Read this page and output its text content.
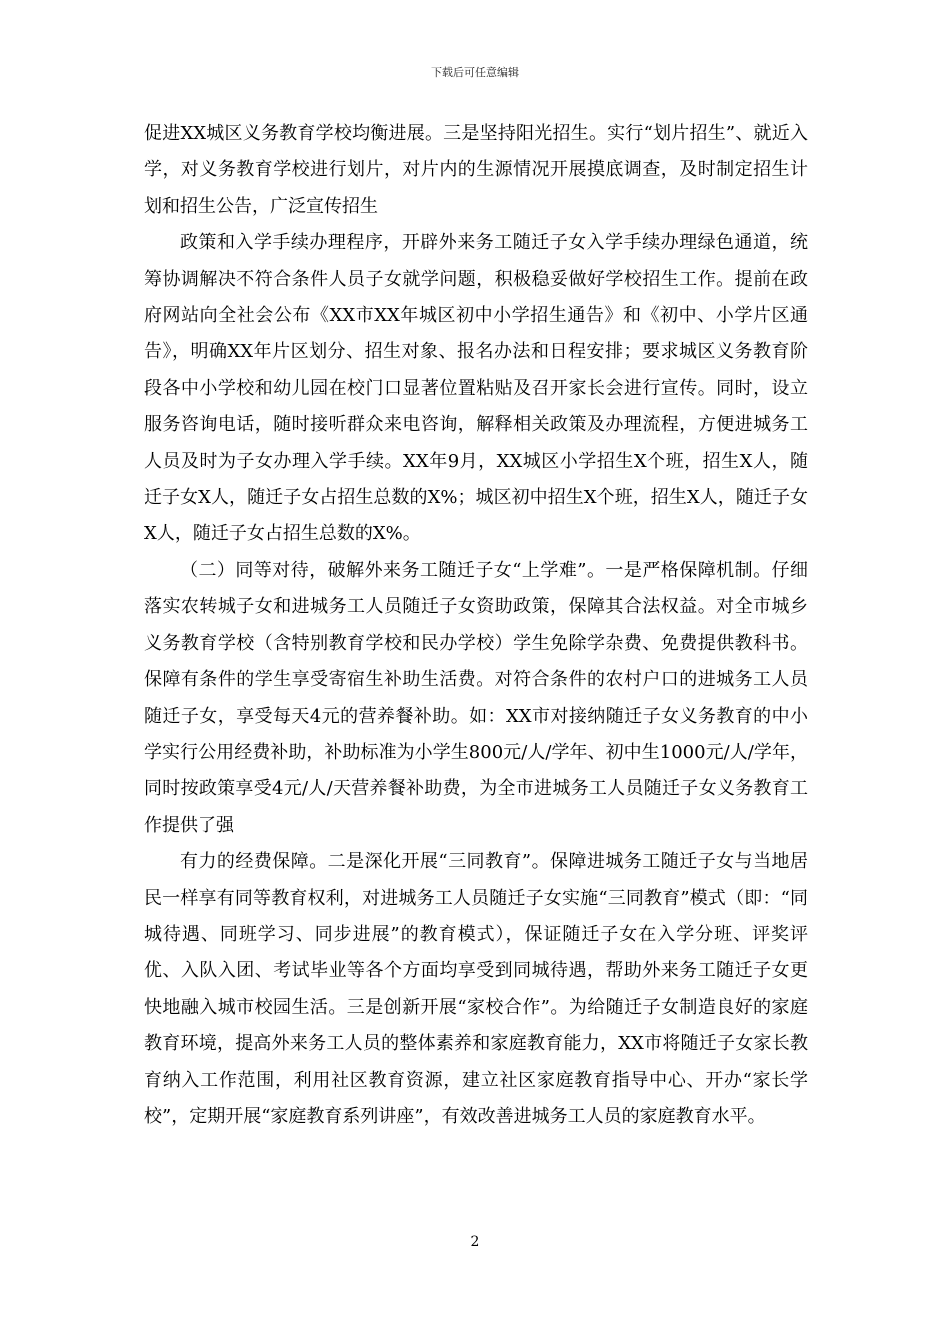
下载后可任意编辑

促进XX城区义务教育学校均衡进展。三是坚持阳光招生。实行“划片招生”、就近入学，对义务教育学校进行划片，对片内的生源情况开展摸底调查，及时制定招生计划和招生公告，广泛宣传招生

政策和入学手续办理程序，开辟外来务工随迁子女入学手续办理绿色通道，统筹协调解决不符合条件人员子女就学问题，积极稳妥做好学校招生工作。提前在政府网站向全社会公布《XX市XX年城区初中小学招生通告》和《初中、小学片区通告》，明确XX年片区划分、招生对象、报名办法和日程安排；要求城区义务教育阶段各中小学校和幼儿园在校门口显著位置粘贴及召开家长会进行宣传。同时，设立服务咨询电话，随时接听群众来电咨询，解释相关政策及办理流程，方便进城务工人员及时为子女办理入学手续。XX年9月，XX城区小学招生X个班，招生X人，随迁子女X人，随迁子女占招生总数的X%；城区初中招生X个班，招生X人，随迁子女X人，随迁子女占招生总数的X%。

（二）同等对待，破解外来务工随迁子女“上学难”。一是严格保障机制。仔细落实农转城子女和进城务工人员随迁子女资助政策，保障其合法权益。对全市城乡义务教育学校（含特别教育学校和民办学校）学生免除学杂费、免费提供教科书。保障有条件的学生享受寄宿生补助生活费。对符合条件的农村户口的进城务工人员随迁子女，享受每天4元的营养餐补助。如：XX市对接纳随迁子女义务教育的中小学实行公用经费补助，补助标准为小学生800元/人/学年、初中生1000元/人/学年，同时按政策享受4元/人/天营养餐补助费，为全市进城务工人员随迁子女义务教育工作提供了强

有力的经费保障。二是深化开展“三同教育”。保障进城务工随迁子女与当地居民一样享有同等教育权利，对进城务工人员随迁子女实施“三同教育”模式（即：“同城待遇、同班学习、同步进展”的教育模式），保证随迁子女在入学分班、评奖评优、入队入团、考试毕业等各个方面均享受到同城待遇，帮助外来务工随迁子女更快地融入城市校园生活。三是创新开展“家校合作”。为给随迁子女制造良好的家庭教育环境，提高外来务工人员的整体素养和家庭教育能力，XX市将随迁子女家长教育纳入工作范围，利用社区教育资源，建立社区家庭教育指导中心、开办“家长学校”，定期开展“家庭教育系列讲座”，有效改善进城务工人员的家庭教育水平。

2
